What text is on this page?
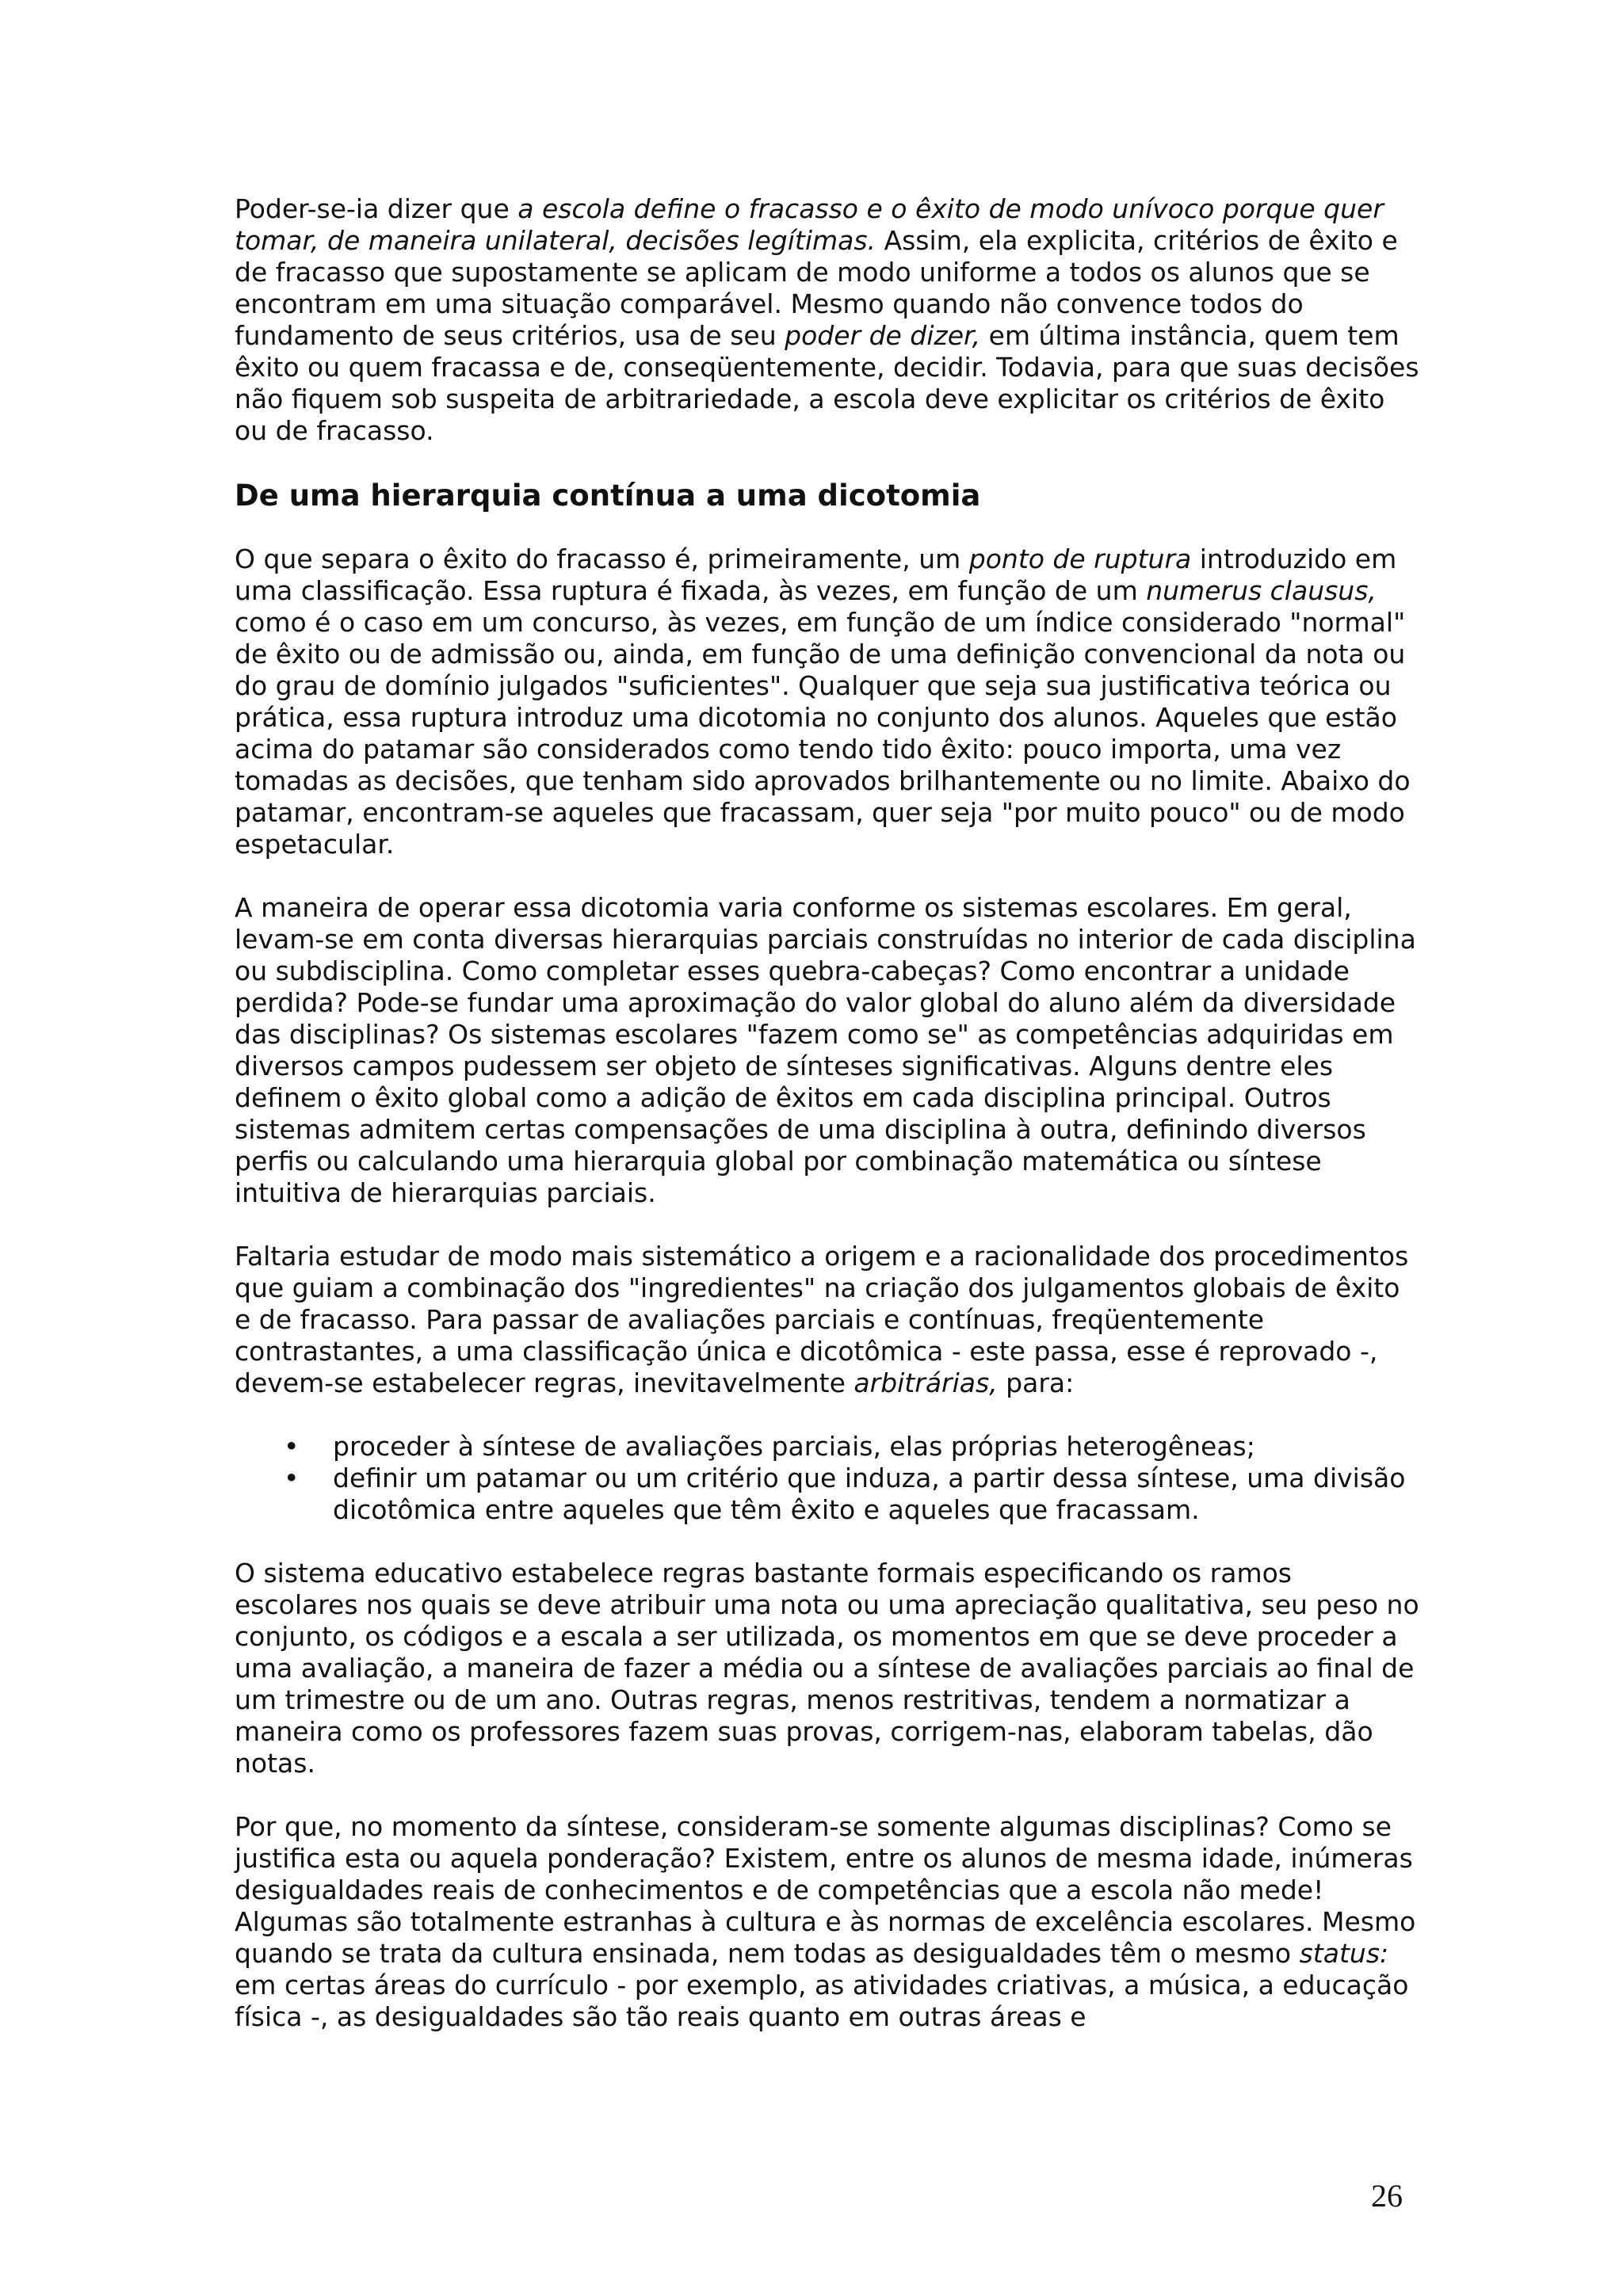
Poder-se-ia dizer que a escola define o fracasso e o êxito de modo unívoco porque quer tomar, de maneira unilateral, decisões legítimas. Assim, ela explicita, critérios de êxito e de fracasso que supostamente se aplicam de modo uniforme a todos os alunos que se encontram em uma situação comparável. Mesmo quando não convence todos do fundamento de seus critérios, usa de seu poder de dizer, em última instância, quem tem êxito ou quem fracassa e de, conseqüentemente, decidir. Todavia, para que suas decisões não fiquem sob suspeita de arbitrariedade, a escola deve explicitar os critérios de êxito ou de fracasso.

De uma hierarquia contínua a uma dicotomia

O que separa o êxito do fracasso é, primeiramente, um ponto de ruptura introduzido em uma classificação. Essa ruptura é fixada, às vezes, em função de um numerus clausus, como é o caso em um concurso, às vezes, em função de um índice considerado "normal" de êxito ou de admissão ou, ainda, em função de uma definição convencional da nota ou do grau de domínio julgados "suficientes". Qualquer que seja sua justificativa teórica ou prática, essa ruptura introduz uma dicotomia no conjunto dos alunos. Aqueles que estão acima do patamar são considerados como tendo tido êxito: pouco importa, uma vez tomadas as decisões, que tenham sido aprovados brilhantemente ou no limite. Abaixo do patamar, encontram-se aqueles que fracassam, quer seja "por muito pouco" ou de modo espetacular.

A maneira de operar essa dicotomia varia conforme os sistemas escolares. Em geral, levam-se em conta diversas hierarquias parciais construídas no interior de cada disciplina ou subdisciplina. Como completar esses quebra-cabeças? Como encontrar a unidade perdida? Pode-se fundar uma aproximação do valor global do aluno além da diversidade das disciplinas? Os sistemas escolares "fazem como se" as competências adquiridas em diversos campos pudessem ser objeto de sínteses significativas. Alguns dentre eles definem o êxito global como a adição de êxitos em cada disciplina principal. Outros sistemas admitem certas compensações de uma disciplina à outra, definindo diversos perfis ou calculando uma hierarquia global por combinação matemática ou síntese intuitiva de hierarquias parciais.

Faltaria estudar de modo mais sistemático a origem e a racionalidade dos procedimentos que guiam a combinação dos "ingredientes" na criação dos julgamentos globais de êxito e de fracasso. Para passar de avaliações parciais e contínuas, freqüentemente contrastantes, a uma classificação única e dicotômica - este passa, esse é reprovado -, devem-se estabelecer regras, inevitavelmente arbitrárias, para:

• proceder à síntese de avaliações parciais, elas próprias heterogêneas;
• definir um patamar ou um critério que induza, a partir dessa síntese, uma divisão dicotômica entre aqueles que têm êxito e aqueles que fracassam.

O sistema educativo estabelece regras bastante formais especificando os ramos escolares nos quais se deve atribuir uma nota ou uma apreciação qualitativa, seu peso no conjunto, os códigos e a escala a ser utilizada, os momentos em que se deve proceder a uma avaliação, a maneira de fazer a média ou a síntese de avaliações parciais ao final de um trimestre ou de um ano. Outras regras, menos restritivas, tendem a normatizar a maneira como os professores fazem suas provas, corrigem-nas, elaboram tabelas, dão notas.

Por que, no momento da síntese, consideram-se somente algumas disciplinas? Como se justifica esta ou aquela ponderação? Existem, entre os alunos de mesma idade, inúmeras desigualdades reais de conhecimentos e de competências que a escola não mede! Algumas são totalmente estranhas à cultura e às normas de excelência escolares. Mesmo quando se trata da cultura ensinada, nem todas as desigualdades têm o mesmo status: em certas áreas do currículo - por exemplo, as atividades criativas, a música, a educação física -, as desigualdades são tão reais quanto em outras áreas e

26
